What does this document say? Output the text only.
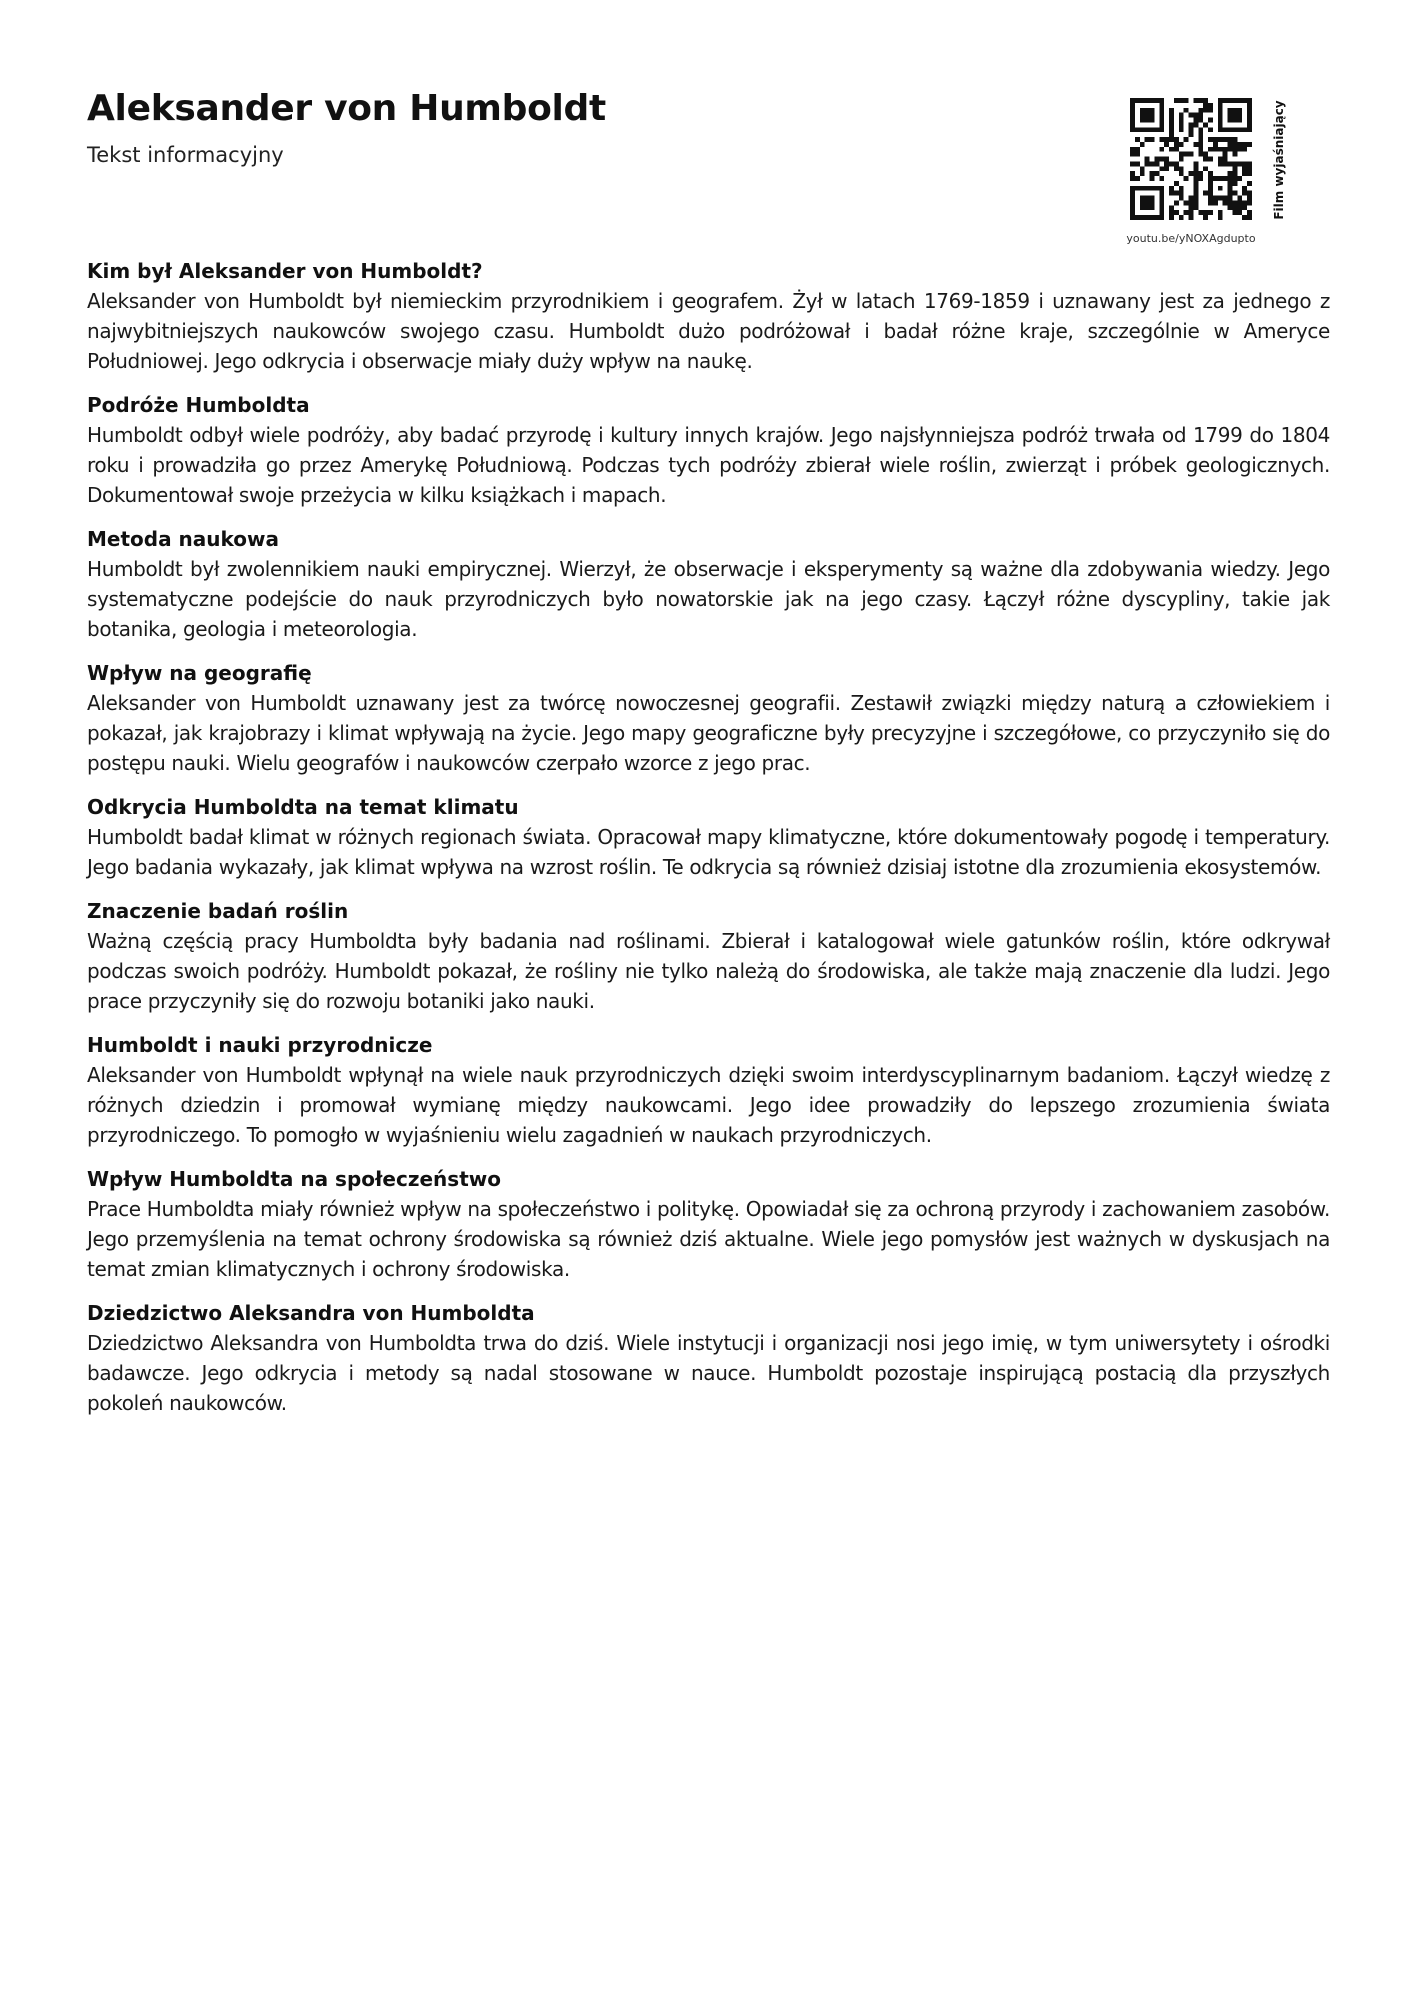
Aleksander von Humboldt
Tekst informacyjny	Film wyjaśniający
youtu.be/yNOXAgdupto
Kim był Aleksander von Humboldt?

Aleksander von Humboldt był niemieckim przyrodnikiem i geografem. Żył w latach 1769-1859 i uznawany jest za jednego z najwybitniejszych naukowców swojego czasu. Humboldt dużo podróżował i badał różne kraje, szczególnie w Ameryce Południowej. Jego odkrycia i obserwacje miały duży wpływ na naukę.

Podróże Humboldta

Humboldt odbył wiele podróży, aby badać przyrodę i kultury innych krajów. Jego najsłynniejsza podróż trwała od 1799 do 1804 roku i prowadziła go przez Amerykę Południową. Podczas tych podróży zbierał wiele roślin, zwierząt i próbek geologicznych. Dokumentował swoje przeżycia w kilku książkach i mapach.

Metoda naukowa

Humboldt był zwolennikiem nauki empirycznej. Wierzył, że obserwacje i eksperymenty są ważne dla zdobywania wiedzy. Jego systematyczne podejście do nauk przyrodniczych było nowatorskie jak na jego czasy. Łączył różne dyscypliny, takie jak botanika, geologia i meteorologia.

Wpływ na geografię

Aleksander von Humboldt uznawany jest za twórcę nowoczesnej geografii. Zestawił związki między naturą a człowiekiem i pokazał, jak krajobrazy i klimat wpływają na życie. Jego mapy geograficzne były precyzyjne i szczegółowe, co przyczyniło się do postępu nauki. Wielu geografów i naukowców czerpało wzorce z jego prac.

Odkrycia Humboldta na temat klimatu

Humboldt badał klimat w różnych regionach świata. Opracował mapy klimatyczne, które dokumentowały pogodę i temperatury. Jego badania wykazały, jak klimat wpływa na wzrost roślin. Te odkrycia są również dzisiaj istotne dla zrozumienia ekosystemów.

Znaczenie badań roślin

Ważną częścią pracy Humboldta były badania nad roślinami. Zbierał i katalogował wiele gatunków roślin, które odkrywał podczas swoich podróży. Humboldt pokazał, że rośliny nie tylko należą do środowiska, ale także mają znaczenie dla ludzi. Jego prace przyczyniły się do rozwoju botaniki jako nauki.

Humboldt i nauki przyrodnicze

Aleksander von Humboldt wpłynął na wiele nauk przyrodniczych dzięki swoim interdyscyplinarnym badaniom. Łączył wiedzę z różnych dziedzin i promował wymianę między naukowcami. Jego idee prowadziły do lepszego zrozumienia świata przyrodniczego. To pomogło w wyjaśnieniu wielu zagadnień w naukach przyrodniczych.

Wpływ Humboldta na społeczeństwo

Prace Humboldta miały również wpływ na społeczeństwo i politykę. Opowiadał się za ochroną przyrody i zachowaniem zasobów. Jego przemyślenia na temat ochrony środowiska są również dziś aktualne. Wiele jego pomysłów jest ważnych w dyskusjach na temat zmian klimatycznych i ochrony środowiska.

Dziedzictwo Aleksandra von Humboldta

Dziedzictwo Aleksandra von Humboldta trwa do dziś. Wiele instytucji i organizacji nosi jego imię, w tym uniwersytety i ośrodki badawcze. Jego odkrycia i metody są nadal stosowane w nauce. Humboldt pozostaje inspirującą postacią dla przyszłych pokoleń naukowców.
